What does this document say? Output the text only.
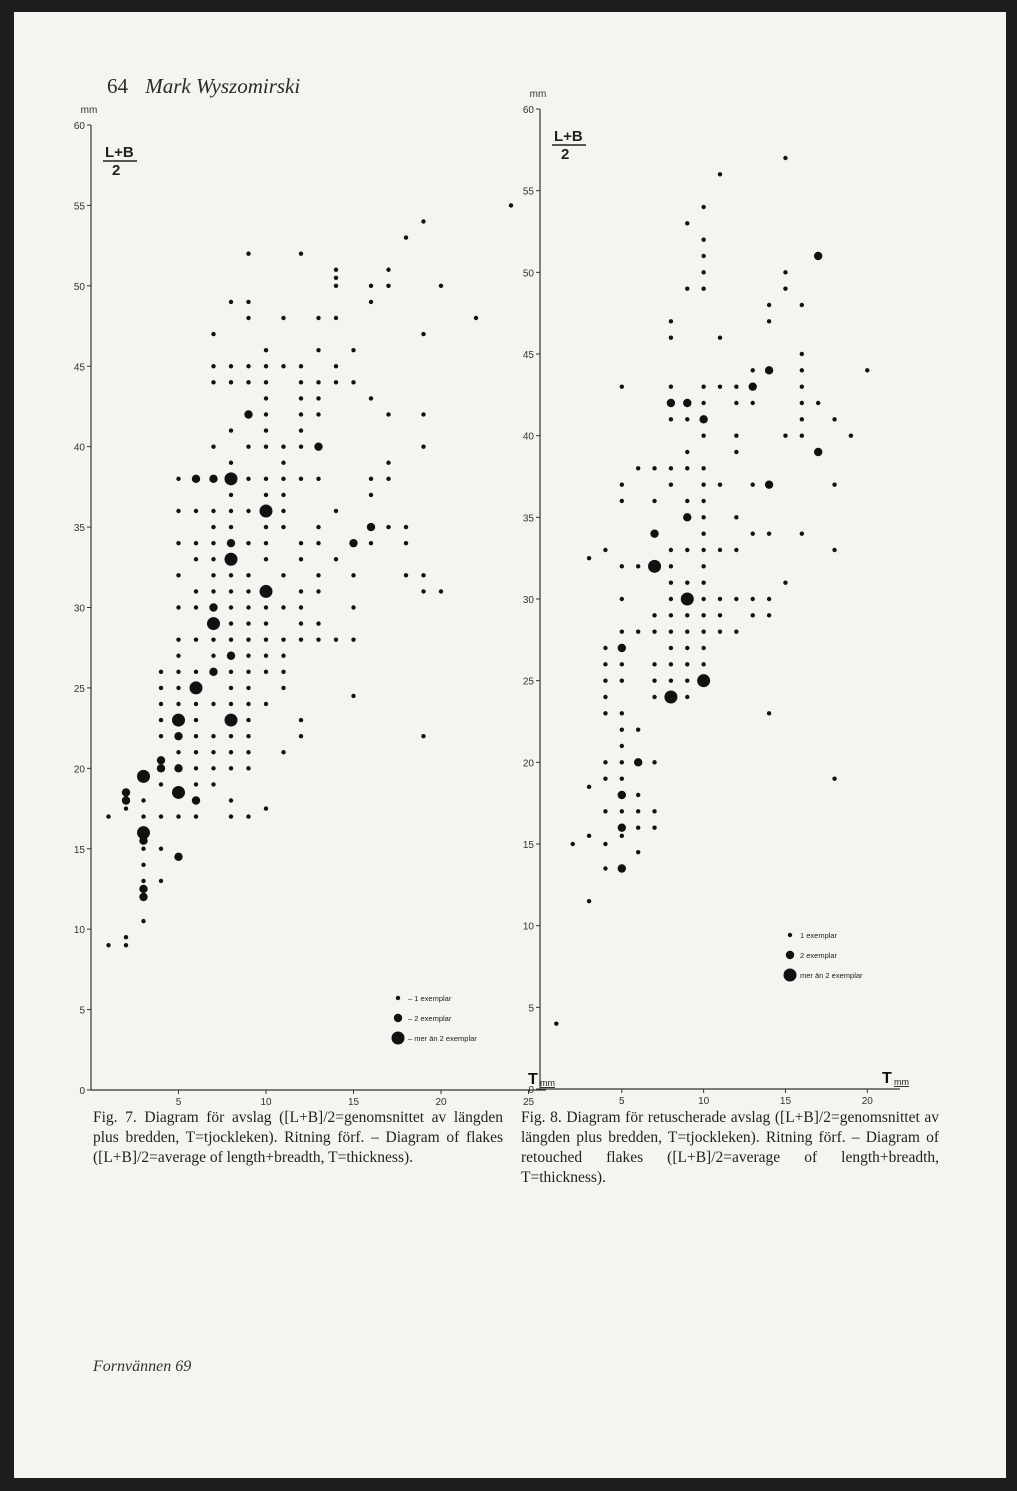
64 Mark Wyszomirski
0
5
10
15
20
25
30
35
40
45
50
55
60
5	10	15	20	25
mm
L+B
2
T mm
– 1 exemplar
– 2 exemplar
– mer än 2 exemplar
0
5
10
15
20
25
30
35
40
45
50
55
60
5	10	15	20
mm
L+B
2
T mm
1 exemplar
2 exemplar
mer än 2 exemplar
Fig. 7. Diagram för avslag ([L+B]/2=genomsnittet av längden plus bredden, T=tjockleken). Ritning förf. – Diagram of flakes ([L+B]/2=average of length+breadth, T=thickness).
Fig. 8. Diagram för retuscherade avslag ([L+B]/2=genomsnittet av längden plus bredden, T=tjockleken). Ritning förf. – Diagram of retouched flakes ([L+B]/2=average of length+breadth, T=thickness).
Fornvännen 69
